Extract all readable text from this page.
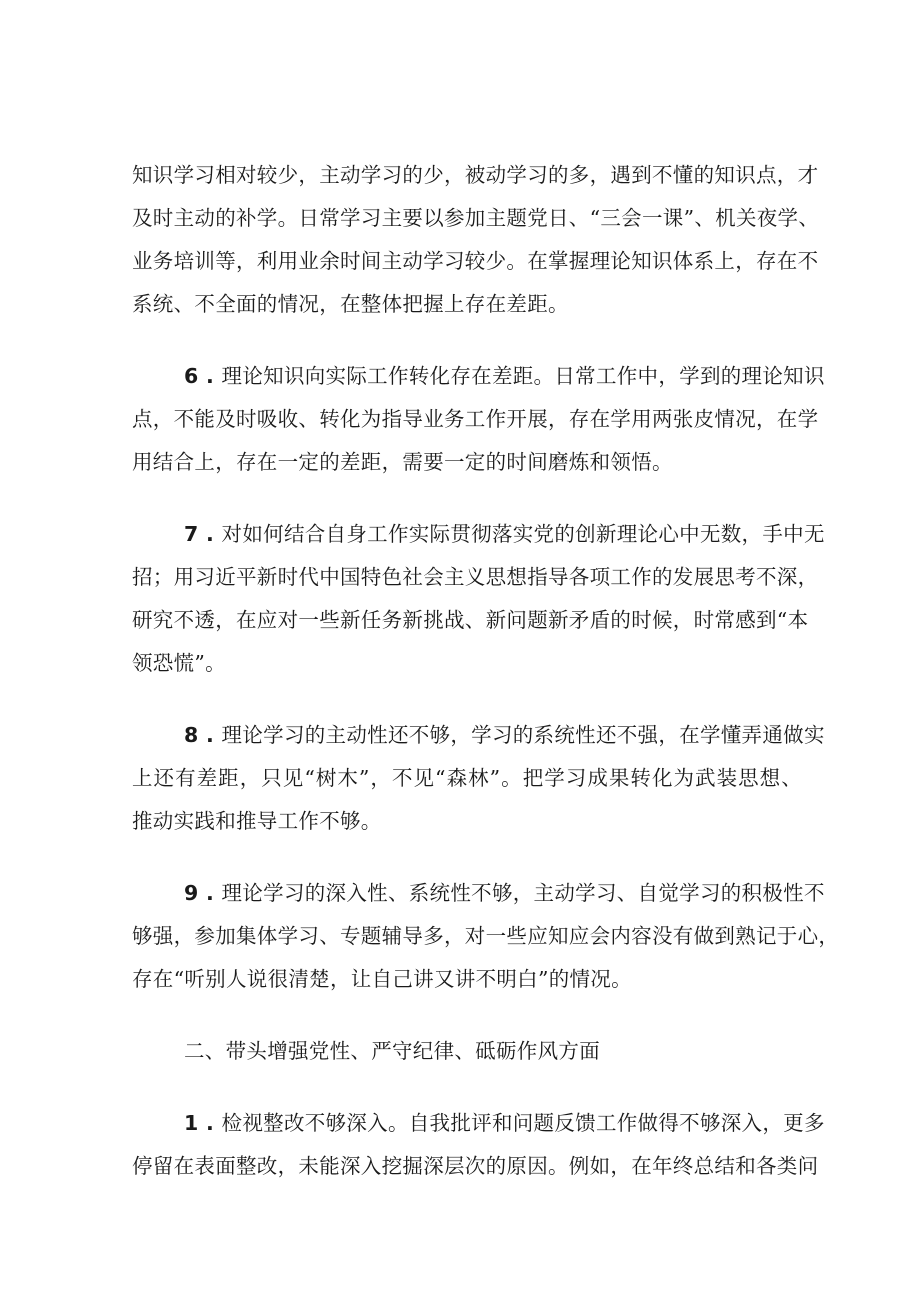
知识学习相对较少，主动学习的少，被动学习的多，遇到不懂的知识点，才
及时主动的补学。日常学习主要以参加主题党日、“三会一课”、机关夜学、
业务培训等，利用业余时间主动学习较少。在掌握理论知识体系上，存在不
系统、不全面的情况，在整体把握上存在差距。
6 . 理论知识向实际工作转化存在差距。日常工作中，学到的理论知识
点，不能及时吸收、转化为指导业务工作开展，存在学用两张皮情况，在学
用结合上，存在一定的差距，需要一定的时间磨炼和领悟。
7 . 对如何结合自身工作实际贯彻落实党的创新理论心中无数，手中无
招；用习近平新时代中国特色社会主义思想指导各项工作的发展思考不深，
研究不透，在应对一些新任务新挑战、新问题新矛盾的时候，时常感到“本
领恐慌”。
8 . 理论学习的主动性还不够，学习的系统性还不强，在学懂弄通做实
上还有差距，只见“树木”，不见“森林”。把学习成果转化为武装思想、
推动实践和推导工作不够。
9 . 理论学习的深入性、系统性不够，主动学习、自觉学习的积极性不
够强，参加集体学习、专题辅导多，对一些应知应会内容没有做到熟记于心，
存在“听别人说很清楚，让自己讲又讲不明白”的情况。
二、带头增强党性、严守纪律、砥砺作风方面
1 . 检视整改不够深入。自我批评和问题反馈工作做得不够深入，更多
停留在表面整改，未能深入挖掘深层次的原因。例如，在年终总结和各类问
